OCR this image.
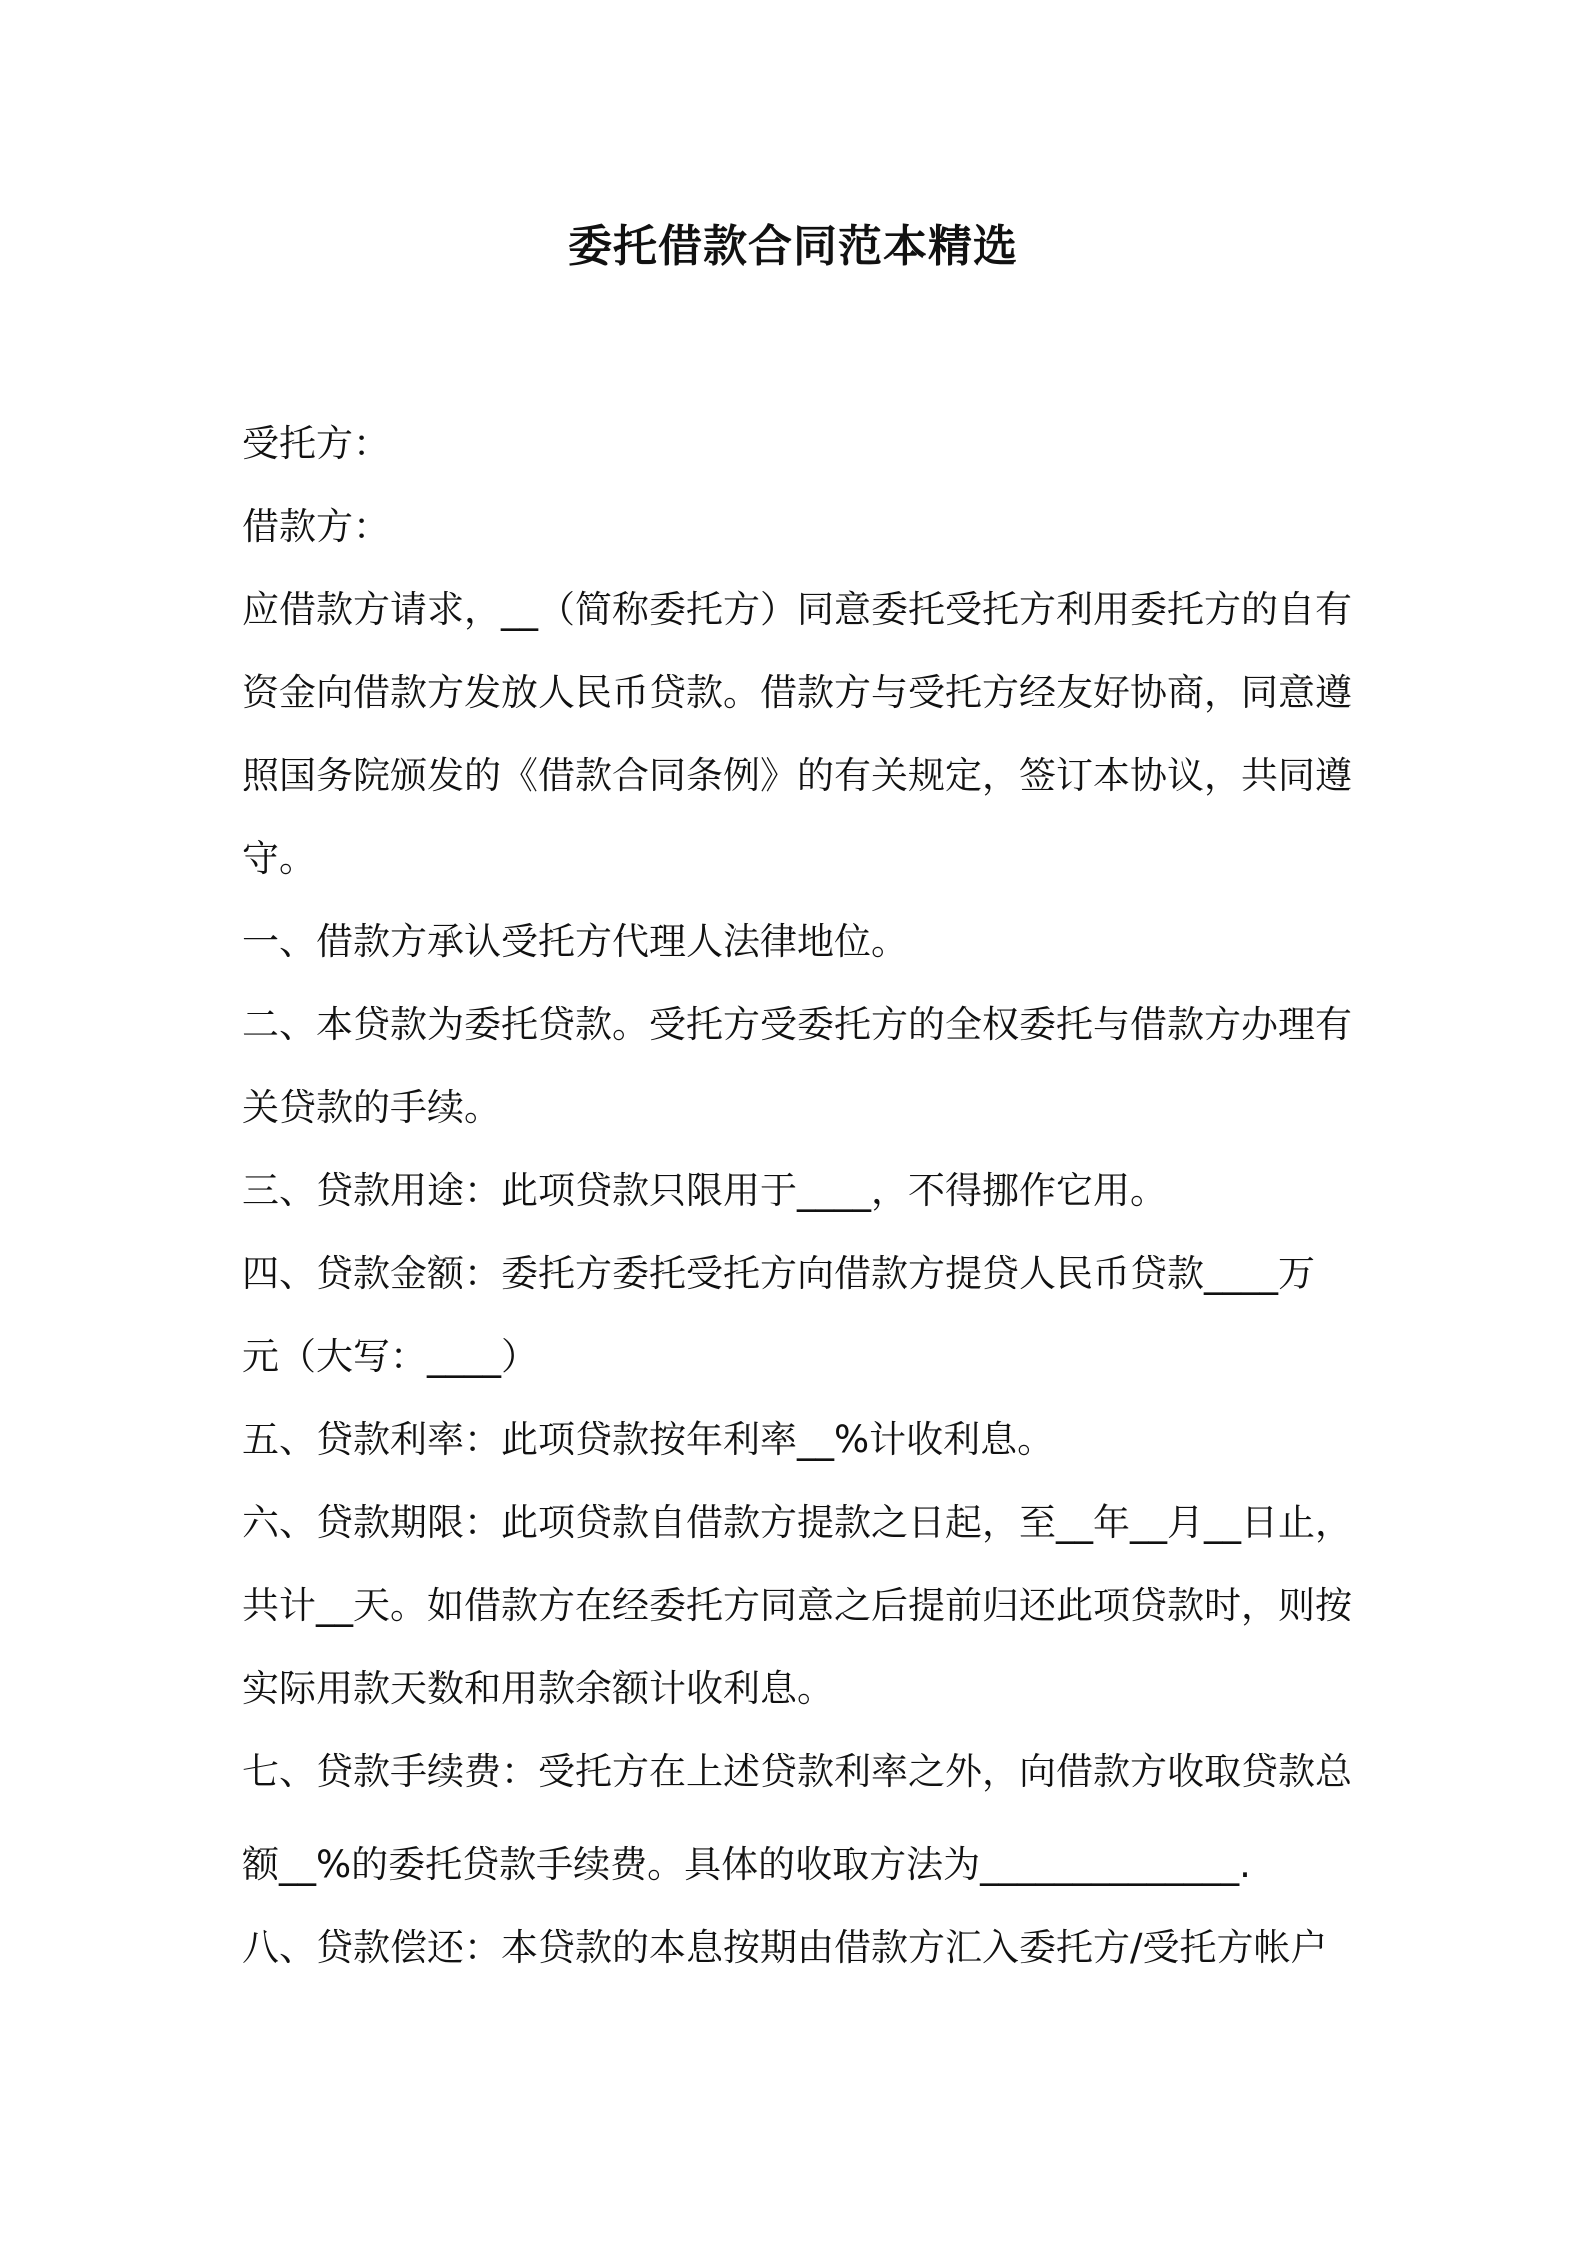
委托借款合同范本精选
受托方：
借款方：
应借款方请求，__（简称委托方）同意委托受托方利用委托方的自有
资金向借款方发放人民币贷款。借款方与受托方经友好协商，同意遵
照国务院颁发的《借款合同条例》的有关规定，签订本协议，共同遵
守。
一、借款方承认受托方代理人法律地位。
二、本贷款为委托贷款。受托方受委托方的全权委托与借款方办理有
关贷款的手续。
三、贷款用途：此项贷款只限用于____，不得挪作它用。
四、贷款金额：委托方委托受托方向借款方提贷人民币贷款____万
元（大写：____）
五、贷款利率：此项贷款按年利率__%计收利息。
六、贷款期限：此项贷款自借款方提款之日起，至__年__月__日止，
共计__天。如借款方在经委托方同意之后提前归还此项贷款时，则按
实际用款天数和用款余额计收利息。
七、贷款手续费：受托方在上述贷款利率之外，向借款方收取贷款总
额__%的委托贷款手续费。具体的收取方法为______________.
八、贷款偿还：本贷款的本息按期由借款方汇入委托方/受托方帐户
